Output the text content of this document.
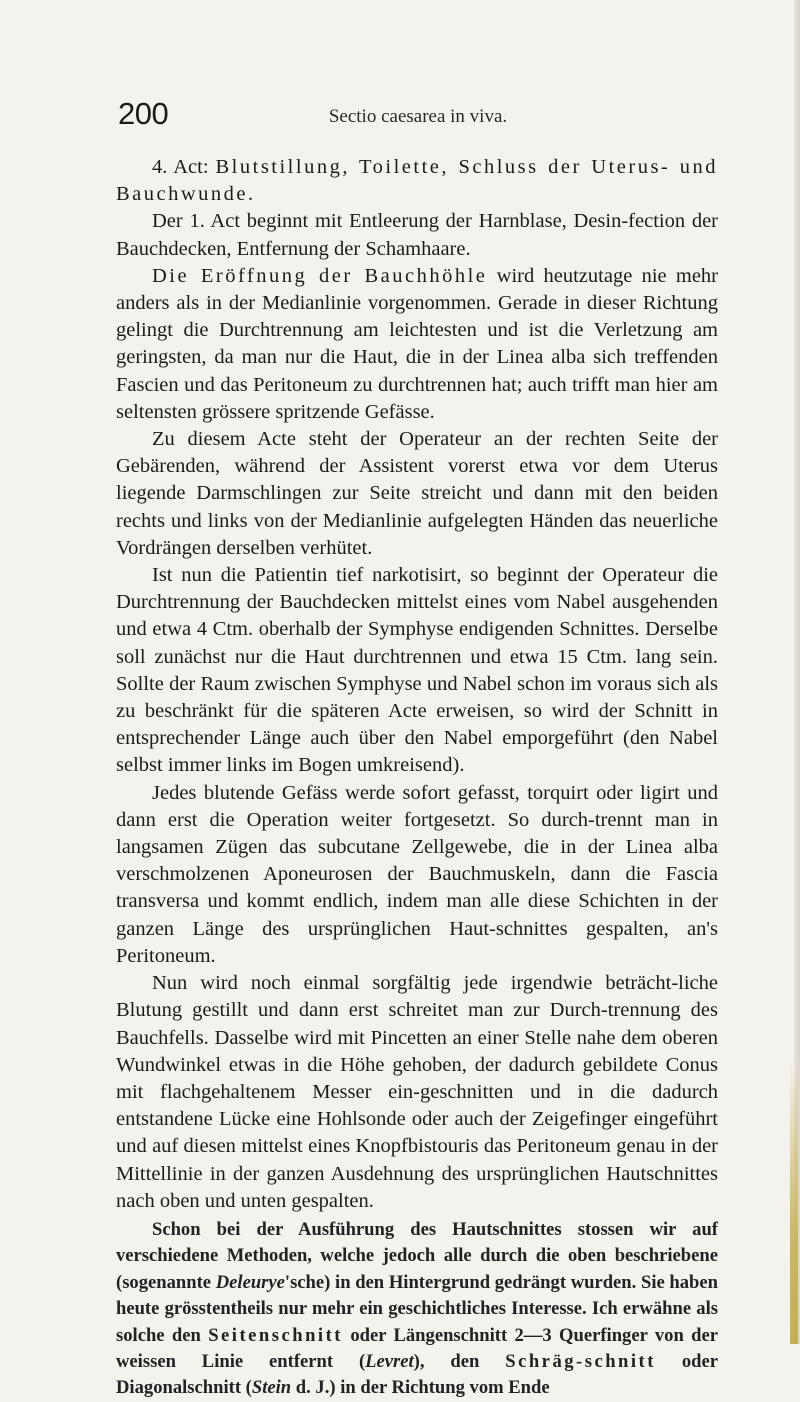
200	Sectio caesarea in viva.

4. Act: Blutstillung, Toilette, Schluss der Uterus- und Bauchwunde.

Der 1. Act beginnt mit Entleerung der Harnblase, Desin-fection der Bauchdecken, Entfernung der Schamhaare.

Die Eröffnung der Bauchhöhle wird heutzutage nie mehr anders als in der Medianlinie vorgenommen. Gerade in dieser Richtung gelingt die Durchtrennung am leichtesten und ist die Verletzung am geringsten, da man nur die Haut, die in der Linea alba sich treffenden Fascien und das Peritoneum zu durchtrennen hat; auch trifft man hier am seltensten grössere spritzende Gefässe.

Zu diesem Acte steht der Operateur an der rechten Seite der Gebärenden, während der Assistent vorerst etwa vor dem Uterus liegende Darmschlingen zur Seite streicht und dann mit den beiden rechts und links von der Medianlinie aufgelegten Händen das neuerliche Vordrängen derselben verhütet.

Ist nun die Patientin tief narkotisirt, so beginnt der Operateur die Durchtrennung der Bauchdecken mittelst eines vom Nabel ausgehenden und etwa 4 Ctm. oberhalb der Symphyse endigenden Schnittes. Derselbe soll zunächst nur die Haut durchtrennen und etwa 15 Ctm. lang sein. Sollte der Raum zwischen Symphyse und Nabel schon im voraus sich als zu beschränkt für die späteren Acte erweisen, so wird der Schnitt in entsprechender Länge auch über den Nabel emporgeführt (den Nabel selbst immer links im Bogen umkreisend).

Jedes blutende Gefäss werde sofort gefasst, torquirt oder ligirt und dann erst die Operation weiter fortgesetzt. So durch-trennt man in langsamen Zügen das subcutane Zellgewebe, die in der Linea alba verschmolzenen Aponeurosen der Bauchmuskeln, dann die Fascia transversa und kommt endlich, indem man alle diese Schichten in der ganzen Länge des ursprünglichen Haut-schnittes gespalten, an's Peritoneum.

Nun wird noch einmal sorgfältig jede irgendwie beträcht-liche Blutung gestillt und dann erst schreitet man zur Durch-trennung des Bauchfells. Dasselbe wird mit Pincetten an einer Stelle nahe dem oberen Wundwinkel etwas in die Höhe gehoben, der dadurch gebildete Conus mit flachgehaltenem Messer ein-geschnitten und in die dadurch entstandene Lücke eine Hohlsonde oder auch der Zeigefinger eingeführt und auf diesen mittelst eines Knopfbistouris das Peritoneum genau in der Mittellinie in der ganzen Ausdehnung des ursprünglichen Hautschnittes nach oben und unten gespalten.

Schon bei der Ausführung des Hautschnittes stossen wir auf verschiedene Methoden, welche jedoch alle durch die oben beschriebene (sogenannte Deleurye'sche) in den Hintergrund gedrängt wurden. Sie haben heute grösstentheils nur mehr ein geschichtliches Interesse. Ich erwähne als solche den Seitenschnitt oder Längenschnitt 2—3 Querfinger von der weissen Linie entfernt (Levret), den Schräg-schnitt oder Diagonalschnitt (Stein d. J.) in der Richtung vom Ende
